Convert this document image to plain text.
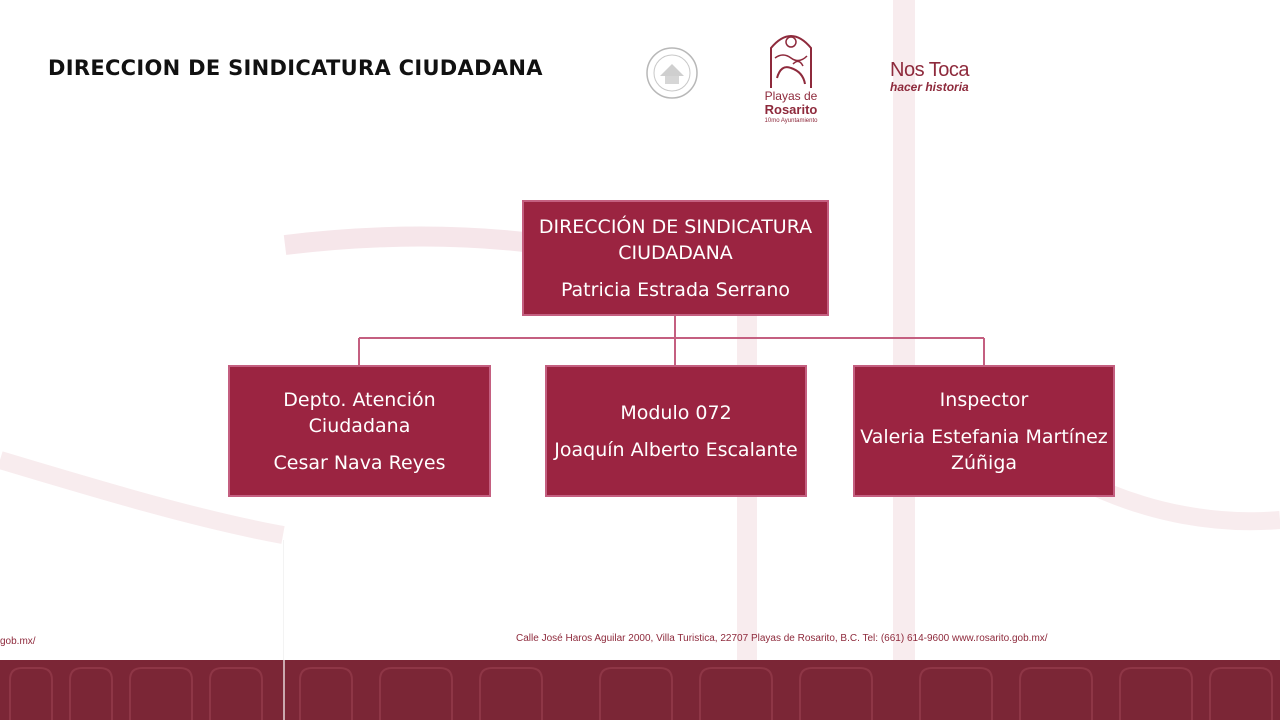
DIRECCION DE SINDICATURA CIUDADANA
Playas de
Rosarito
10mo Ayuntamiento
Nos Toca
hacer historia
DIRECCIÓN DE SINDICATURA CIUDADANA
Patricia Estrada Serrano
Depto. Atención Ciudadana
Cesar Nava Reyes
Modulo 072
Joaquín Alberto Escalante
Inspector
Valeria Estefania Martínez Zúñiga
gob.mx/	Calle José Haros Aguilar 2000, Villa Turistica, 22707 Playas de Rosarito, B.C. Tel: (661) 614-9600 www.rosarito.gob.mx/
